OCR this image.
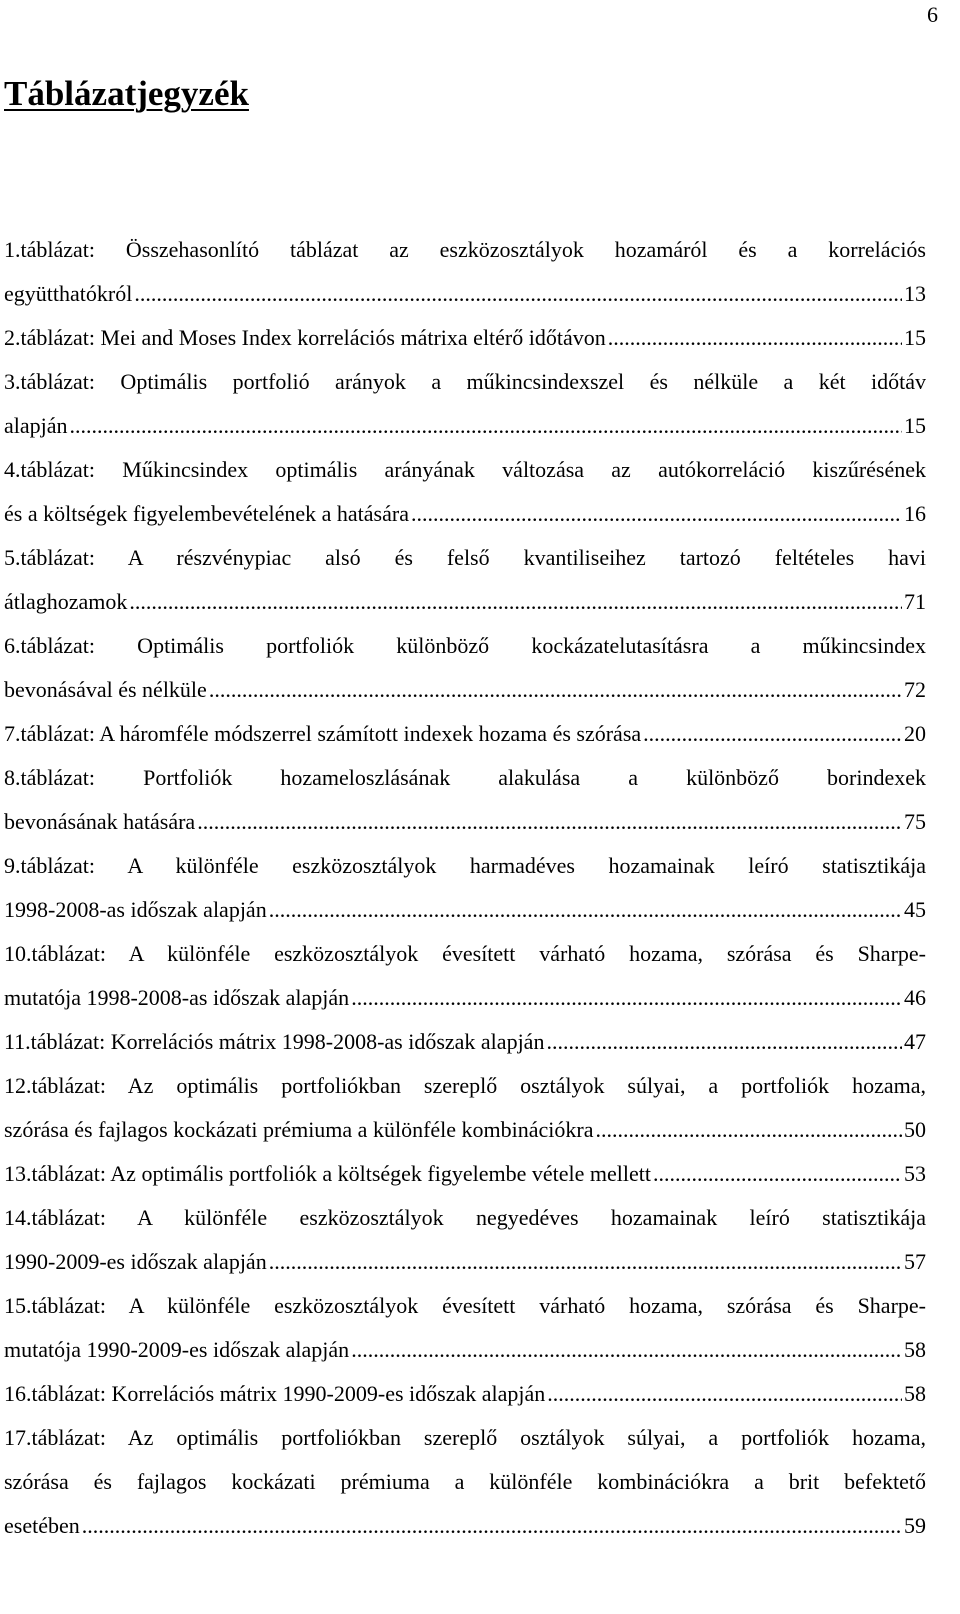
6
Táblázatjegyzék
1.táblázat: Összehasonlító táblázat az eszközosztályok hozamáról és a korrelációs
együtthatókról .....	13
2.táblázat: Mei and Moses Index korrelációs mátrixa eltérő időtávon .....	15
3.táblázat: Optimális portfolió arányok a műkincsindexszel és nélküle a két időtáv
alapján .....	15
4.táblázat: Műkincsindex optimális arányának változása az autókorreláció kiszűrésének
és a költségek figyelembevételének a hatására .....	16
5.táblázat: A részvénypiac alsó és felső kvantiliseihez tartozó feltételes havi
átlaghozamok .....	71
6.táblázat: Optimális portfoliók különböző kockázatelutasításra a műkincsindex
bevonásával és nélküle .....	72
7.táblázat: A háromféle módszerrel számított indexek hozama és szórása .....	20
8.táblázat: Portfoliók hozameloszlásának alakulása a különböző borindexek
bevonásának hatására .....	75
9.táblázat: A különféle eszközosztályok harmadéves hozamainak leíró statisztikája
1998-2008-as időszak alapján .....	45
10.táblázat: A különféle eszközosztályok évesített várható hozama, szórása és Sharpe-
mutatója 1998-2008-as időszak alapján .....	46
11.táblázat: Korrelációs mátrix 1998-2008-as időszak alapján .....	47
12.táblázat: Az optimális portfoliókban szereplő osztályok súlyai, a portfoliók hozama,
szórása és fajlagos kockázati prémiuma a különféle kombinációkra .....	50
13.táblázat: Az optimális portfoliók a költségek figyelembe vétele mellett .....	53
14.táblázat: A különféle eszközosztályok negyedéves hozamainak leíró statisztikája
1990-2009-es időszak alapján .....	57
15.táblázat: A különféle eszközosztályok évesített várható hozama, szórása és Sharpe-
mutatója 1990-2009-es időszak alapján .....	58
16.táblázat: Korrelációs mátrix 1990-2009-es időszak alapján .....	58
17.táblázat: Az optimális portfoliókban szereplő osztályok súlyai, a portfoliók hozama,
szórása és fajlagos kockázati prémiuma a különféle kombinációkra a brit befektető
esetében .....	59
